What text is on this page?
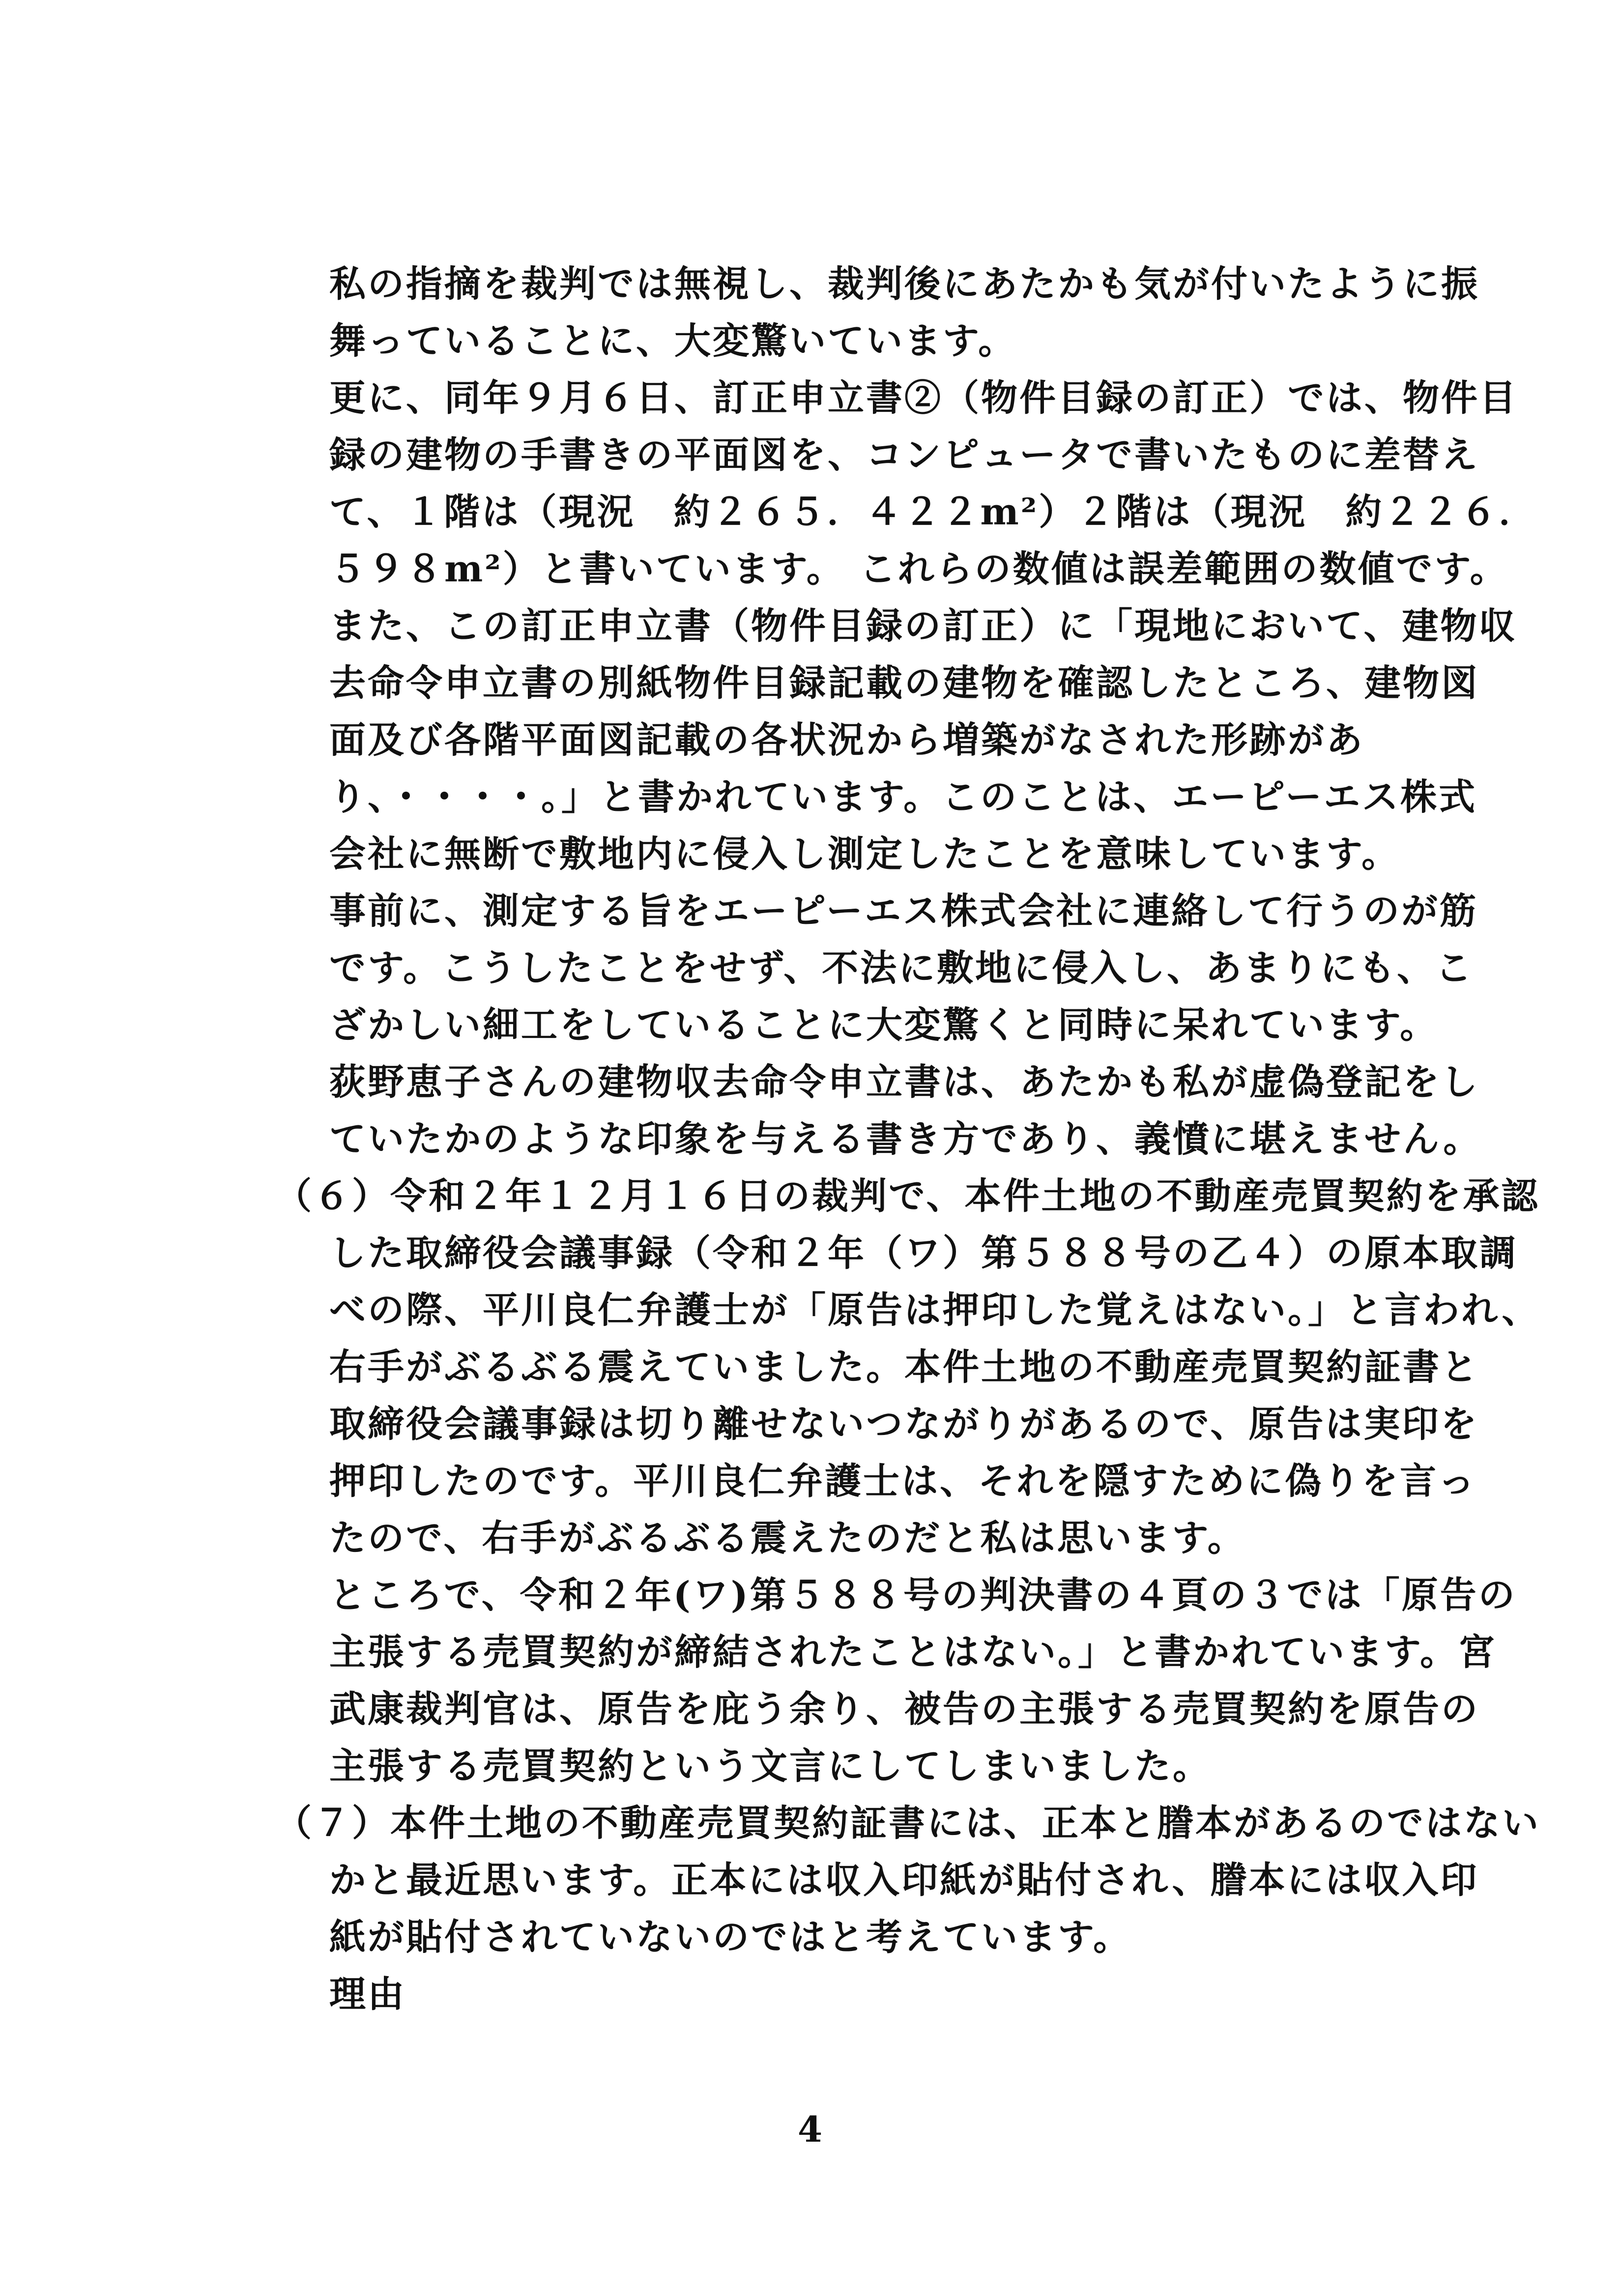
私の指摘を裁判では無視し、裁判後にあたかも気が付いたように振
舞っていることに、大変驚いています。
更に、同年９月６日、訂正申立書②（物件目録の訂正）では、物件目
録の建物の手書きの平面図を、コンピュータで書いたものに差替え
て、１階は（現況　約２６５．４２２m²）２階は（現況　約２２６．
５９８m²）と書いています。 これらの数値は誤差範囲の数値です。
また、この訂正申立書（物件目録の訂正）に「現地において、建物収
去命令申立書の別紙物件目録記載の建物を確認したところ、建物図
面及び各階平面図記載の各状況から増築がなされた形跡があ
り、・・・・。」と書かれています。このことは、エーピーエス株式
会社に無断で敷地内に侵入し測定したことを意味しています。
事前に、測定する旨をエーピーエス株式会社に連絡して行うのが筋
です。こうしたことをせず、不法に敷地に侵入し、あまりにも、こ
ざかしい細工をしていることに大変驚くと同時に呆れています。
荻野恵子さんの建物収去命令申立書は、あたかも私が虚偽登記をし
ていたかのような印象を与える書き方であり、義憤に堪えません。
（６）令和２年１２月１６日の裁判で、本件土地の不動産売買契約を承認
した取締役会議事録（令和２年（ワ）第５８８号の乙４）の原本取調
べの際、平川良仁弁護士が「原告は押印した覚えはない。」と言われ、
右手がぶるぶる震えていました。本件土地の不動産売買契約証書と
取締役会議事録は切り離せないつながりがあるので、原告は実印を
押印したのです。平川良仁弁護士は、それを隠すために偽りを言っ
たので、右手がぶるぶる震えたのだと私は思います。
ところで、令和２年(ワ)第５８８号の判決書の４頁の３では「原告の
主張する売買契約が締結されたことはない。」と書かれています。宮
武康裁判官は、原告を庇う余り、被告の主張する売買契約を原告の
主張する売買契約という文言にしてしまいました。
（７）本件土地の不動産売買契約証書には、正本と謄本があるのではない
かと最近思います。正本には収入印紙が貼付され、謄本には収入印
紙が貼付されていないのではと考えています。
理由
4
